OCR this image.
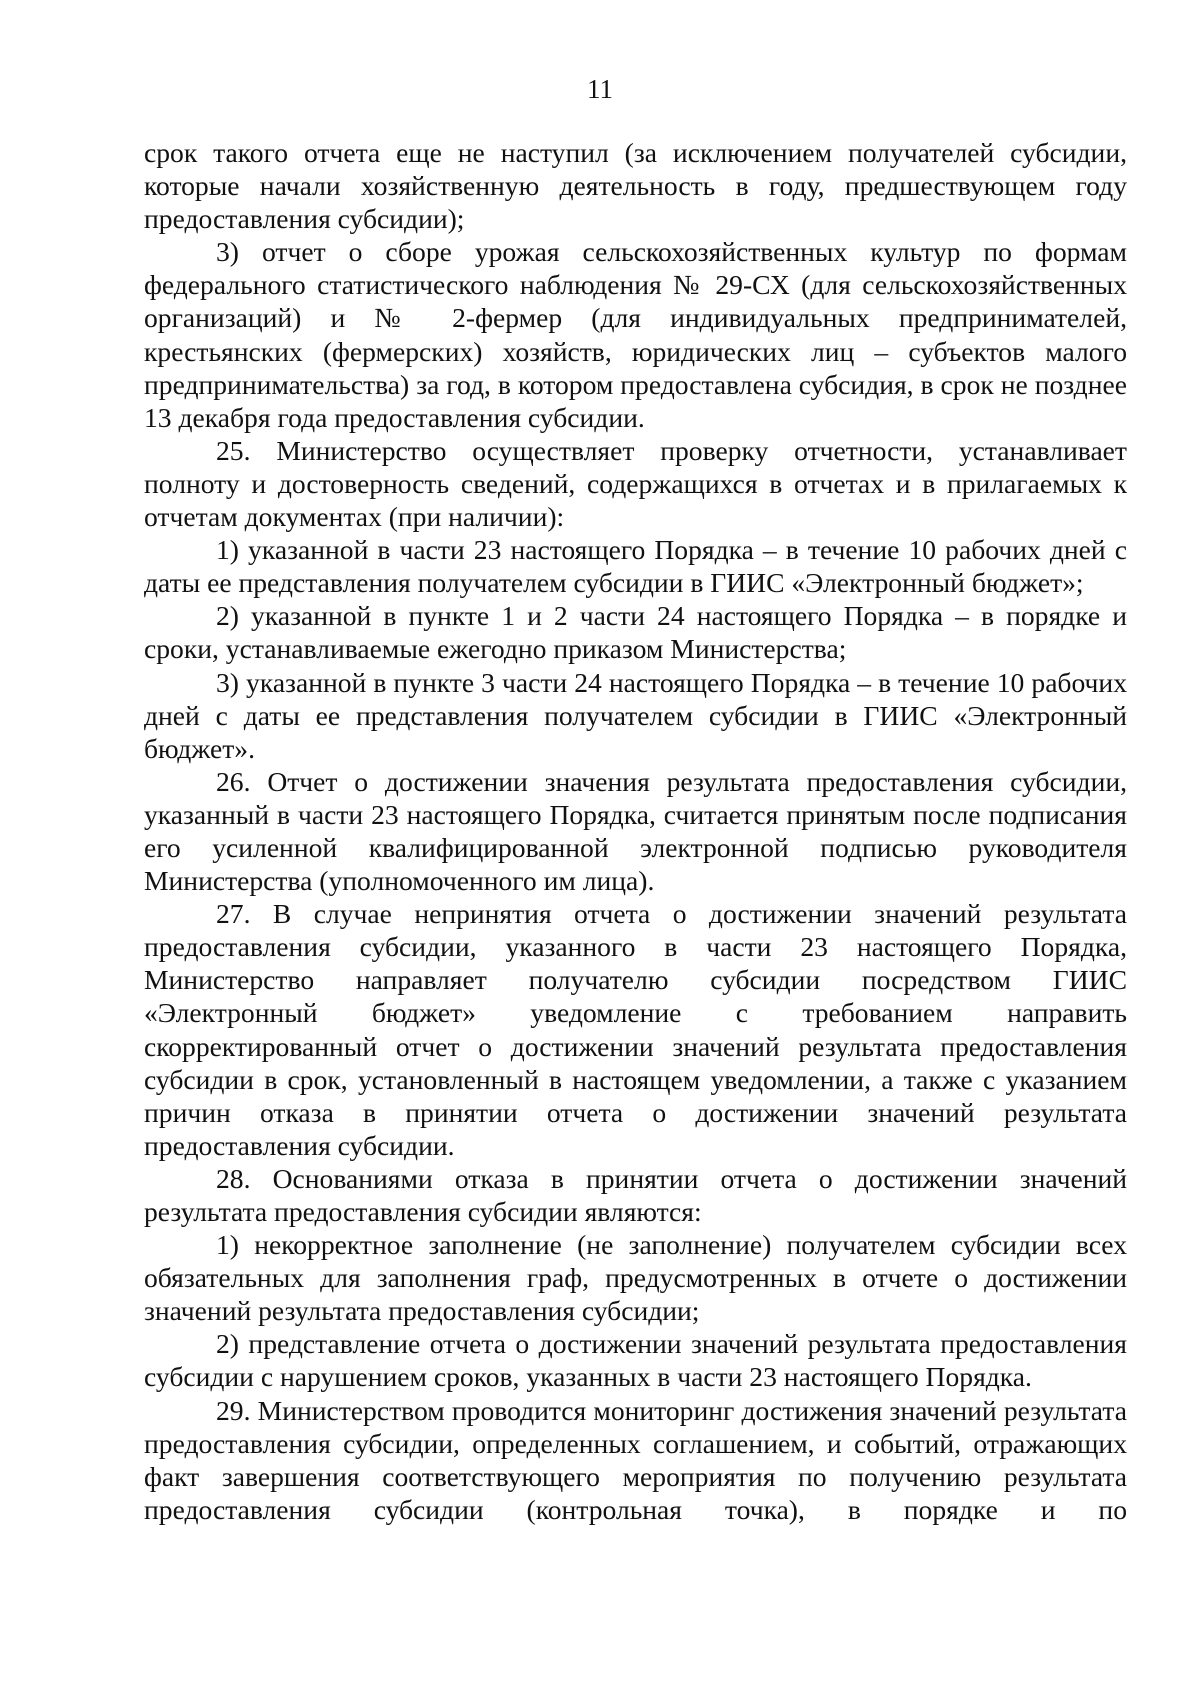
11

срок такого отчета еще не наступил (за исключением получателей субсидии, которые начали хозяйственную деятельность в году, предшествующем году предоставления субсидии);

3) отчет о сборе урожая сельскохозяйственных культур по формам федерального статистического наблюдения № 29-СХ (для сельскохозяйственных организаций) и № 2-фермер (для индивидуальных предпринимателей, крестьянских (фермерских) хозяйств, юридических лиц – субъектов малого предпринимательства) за год, в котором предоставлена субсидия, в срок не позднее 13 декабря года предоставления субсидии.

25. Министерство осуществляет проверку отчетности, устанавливает полноту и достоверность сведений, содержащихся в отчетах и в прилагаемых к отчетам документах (при наличии):

1) указанной в части 23 настоящего Порядка – в течение 10 рабочих дней с даты ее представления получателем субсидии в ГИИС «Электронный бюджет»;

2) указанной в пункте 1 и 2 части 24 настоящего Порядка – в порядке и сроки, устанавливаемые ежегодно приказом Министерства;

3) указанной в пункте 3 части 24 настоящего Порядка – в течение 10 рабочих дней с даты ее представления получателем субсидии в ГИИС «Электронный бюджет».

26. Отчет о достижении значения результата предоставления субсидии, указанный в части 23 настоящего Порядка, считается принятым после подписания его усиленной квалифицированной электронной подписью руководителя Министерства (уполномоченного им лица).

27. В случае непринятия отчета о достижении значений результата предоставления субсидии, указанного в части 23 настоящего Порядка, Министерство направляет получателю субсидии посредством ГИИС «Электронный бюджет» уведомление с требованием направить скорректированный отчет о достижении значений результата предоставления субсидии в срок, установленный в настоящем уведомлении, а также с указанием причин отказа в принятии отчета о достижении значений результата предоставления субсидии.

28. Основаниями отказа в принятии отчета о достижении значений результата предоставления субсидии являются:

1) некорректное заполнение (не заполнение) получателем субсидии всех обязательных для заполнения граф, предусмотренных в отчете о достижении значений результата предоставления субсидии;

2) представление отчета о достижении значений результата предоставления субсидии с нарушением сроков, указанных в части 23 настоящего Порядка.

29. Министерством проводится мониторинг достижения значений результата предоставления субсидии, определенных соглашением, и событий, отражающих факт завершения соответствующего мероприятия по получению результата предоставления субсидии (контрольная точка), в порядке и по
